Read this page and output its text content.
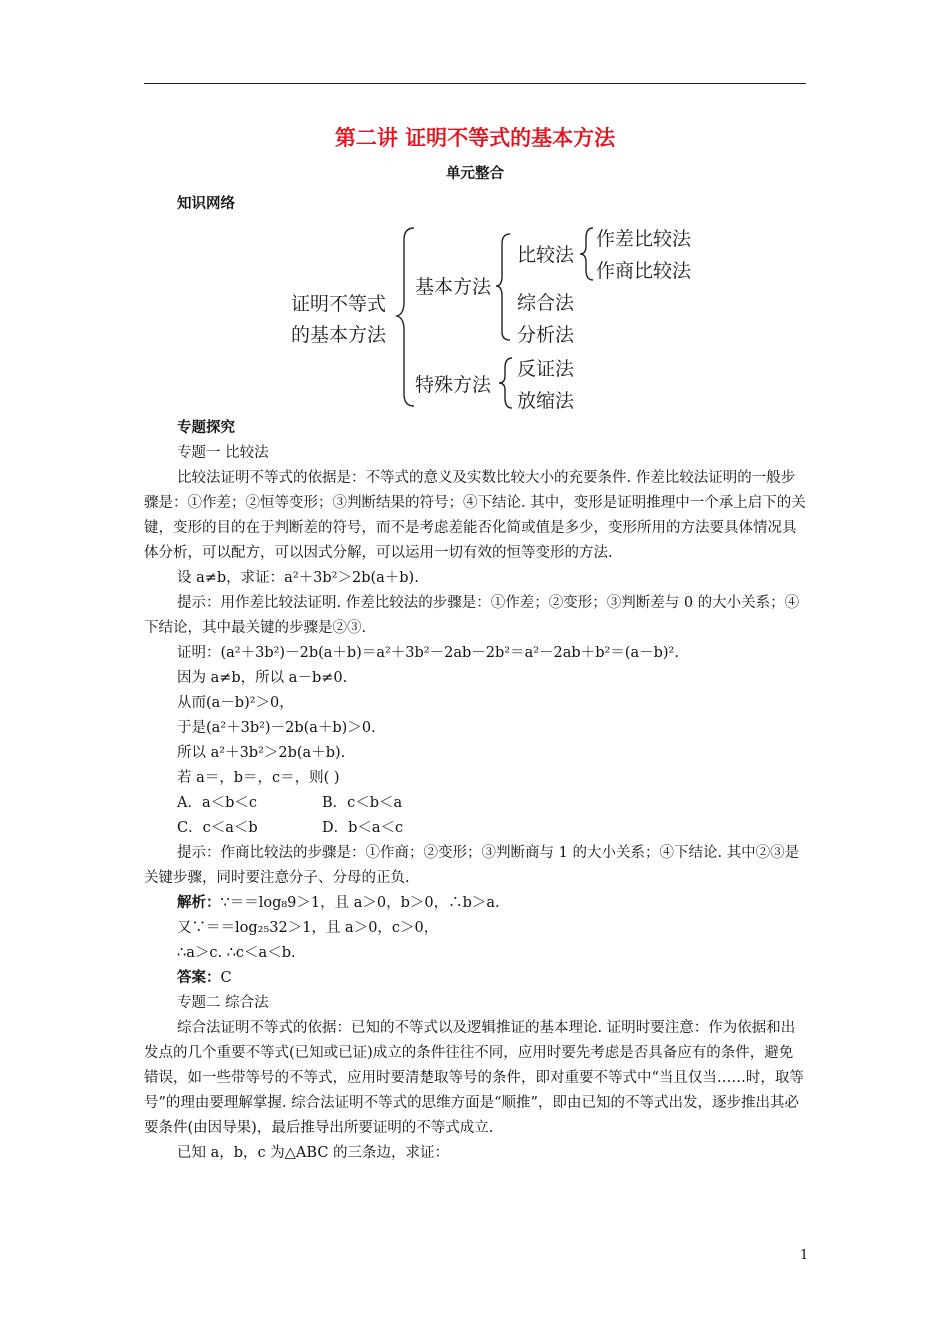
第二讲 证明不等式的基本方法
单元整合
知识网络
证明不等式
的基本方法
基本方法
特殊方法
比较法
作差比较法
作商比较法
综合法
分析法
反证法
放缩法

专题探究

专题一 比较法

比较法证明不等式的依据是：不等式的意义及实数比较大小的充要条件. 作差比较法证明的一般步骤是：①作差；②恒等变形；③判断结果的符号；④下结论. 其中，变形是证明推理中一个承上启下的关键，变形的目的在于判断差的符号，而不是考虑差能否化简或值是多少，变形所用的方法要具体情况具体分析，可以配方，可以因式分解，可以运用一切有效的恒等变形的方法.

设 a≠b，求证：a²＋3b²＞2b(a＋b).

提示：用作差比较法证明. 作差比较法的步骤是：①作差；②变形；③判断差与 0 的大小关系；④下结论，其中最关键的步骤是②③.

证明：(a²＋3b²)－2b(a＋b)＝a²＋3b²－2ab－2b²＝a²－2ab＋b²＝(a－b)².

因为 a≠b，所以 a－b≠0.

从而(a－b)²＞0，

于是(a²＋3b²)－2b(a＋b)＞0.

所以 a²＋3b²＞2b(a＋b).

若 a＝，b＝，c＝，则( )

A．a＜b＜c	B．c＜b＜a
C．c＜a＜b	D．b＜a＜c

提示：作商比较法的步骤是：①作商；②变形；③判断商与 1 的大小关系；④下结论. 其中②③是关键步骤，同时要注意分子、分母的正负.

解析：∵＝＝log₈9＞1，且 a＞0，b＞0，∴b＞a.

又∵＝＝log₂₅32＞1，且 a＞0，c＞0，

∴a＞c. ∴c＜a＜b.

答案：C

专题二 综合法

综合法证明不等式的依据：已知的不等式以及逻辑推证的基本理论. 证明时要注意：作为依据和出发点的几个重要不等式(已知或已证)成立的条件往往不同，应用时要先考虑是否具备应有的条件，避免错误，如一些带等号的不等式，应用时要清楚取等号的条件，即对重要不等式中“当且仅当……时，取等号”的理由要理解掌握. 综合法证明不等式的思维方面是“顺推”，即由已知的不等式出发，逐步推出其必要条件(由因导果)，最后推导出所要证明的不等式成立.

已知 a，b，c 为△ABC 的三条边，求证：

1
